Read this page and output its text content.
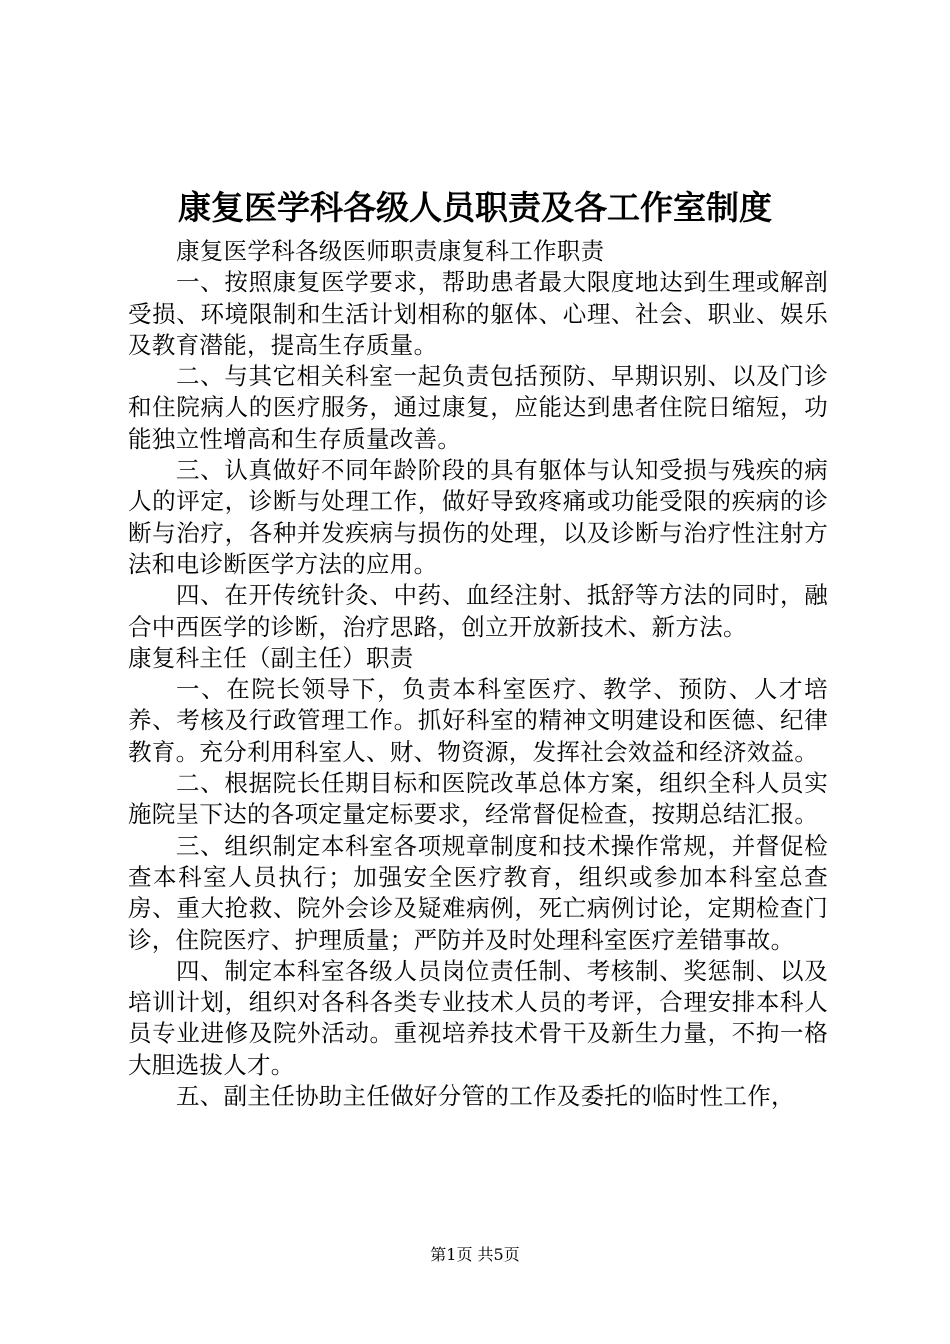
康复医学科各级人员职责及各工作室制度

康复医学科各级医师职责康复科工作职责

一、按照康复医学要求，帮助患者最大限度地达到生理或解剖受损、环境限制和生活计划相称的躯体、心理、社会、职业、娱乐及教育潜能，提高生存质量。

二、与其它相关科室一起负责包括预防、早期识别、以及门诊和住院病人的医疗服务，通过康复，应能达到患者住院日缩短，功能独立性增高和生存质量改善。

三、认真做好不同年龄阶段的具有躯体与认知受损与残疾的病人的评定，诊断与处理工作，做好导致疼痛或功能受限的疾病的诊断与治疗，各种并发疾病与损伤的处理，以及诊断与治疗性注射方法和电诊断医学方法的应用。

四、在开传统针灸、中药、血经注射、抵舒等方法的同时，融合中西医学的诊断，治疗思路，创立开放新技术、新方法。

康复科主任（副主任）职责

一、在院长领导下，负责本科室医疗、教学、预防、人才培养、考核及行政管理工作。抓好科室的精神文明建设和医德、纪律教育。充分利用科室人、财、物资源，发挥社会效益和经济效益。

二、根据院长任期目标和医院改革总体方案，组织全科人员实施院呈下达的各项定量定标要求，经常督促检查，按期总结汇报。

三、组织制定本科室各项规章制度和技术操作常规，并督促检查本科室人员执行；加强安全医疗教育，组织或参加本科室总查房、重大抢救、院外会诊及疑难病例，死亡病例讨论，定期检查门诊，住院医疗、护理质量；严防并及时处理科室医疗差错事故。

四、制定本科室各级人员岗位责任制、考核制、奖惩制、以及培训计划，组织对各科各类专业技术人员的考评，合理安排本科人员专业进修及院外活动。重视培养技术骨干及新生力量，不拘一格大胆选拔人才。

五、副主任协助主任做好分管的工作及委托的临时性工作，

第1页 共5页
